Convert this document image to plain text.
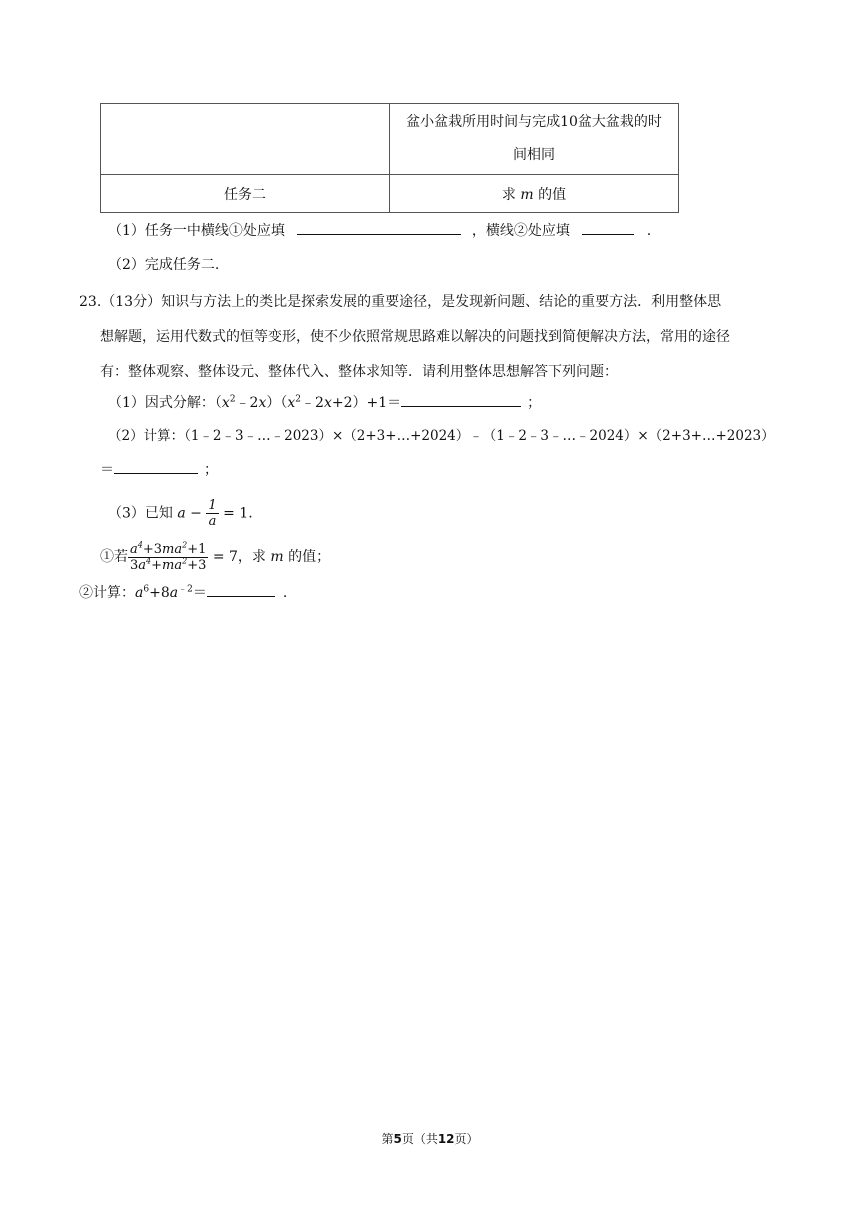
	盆小盆栽所用时间与完成10盆大盆栽的时
间相同

任务二	求 m 的值
（1）任务一中横线①处应填	，横线②处应填	.
（2）完成任务二.
23.（13分）知识与方法上的类比是探索发展的重要途径，是发现新问题、结论的重要方法．利用整体思
想解题，运用代数式的恒等变形，使不少依照常规思路难以解决的问题找到简便解决方法，常用的途径
有：整体观察、整体设元、整体代入、整体求知等．请利用整体思想解答下列问题：
（1）因式分解：$(x^2﹣2x)(x^2﹣2x+2)+1=$	；
（2）计算：（1﹣2﹣3﹣…﹣2023）×（2+3+…+2024）﹣（1﹣2﹣3﹣…﹣2024）×（2+3+…+2023）
＝	；
（3）已知 $a - \frac{1}{a} = 1$.
①若 $\frac{a^4+3ma^2+1}{3a^4+ma^2+3} = 7$，求 m 的值；
②计算：$a^6+8a^{﹣2}=$	.
第5页（共12页）
